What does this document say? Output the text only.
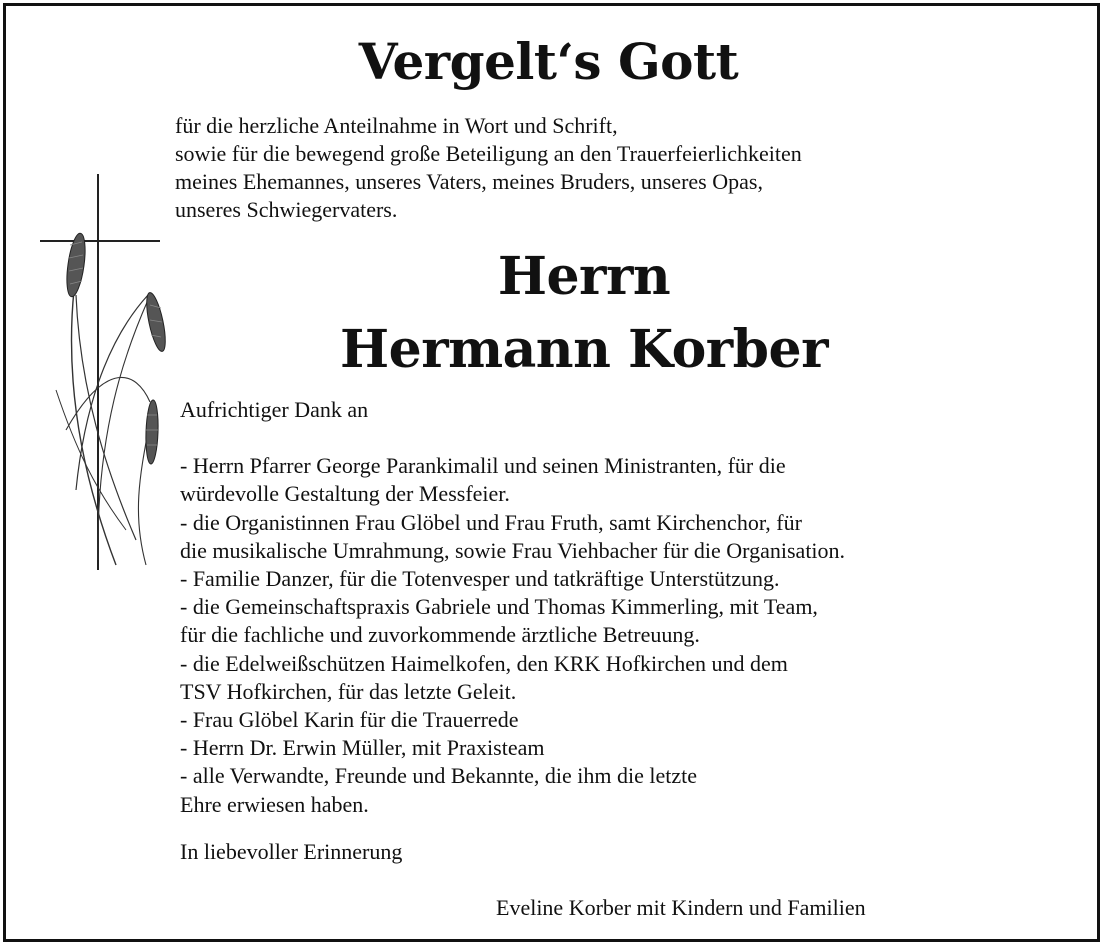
Vergelt‘s Gott
für die herzliche Anteilnahme in Wort und Schrift,
sowie für die bewegend große Beteiligung an den Trauerfeierlichkeiten
meines Ehemannes, unseres Vaters, meines Bruders, unseres Opas,
unseres Schwiegervaters.
Herrn
Hermann Korber
Aufrichtiger Dank an
- Herrn Pfarrer George Parankimalil und seinen Ministranten, für die
würdevolle Gestaltung der Messfeier.
- die Organistinnen Frau Glöbel und Frau Fruth, samt Kirchenchor, für
die musikalische Umrahmung, sowie Frau Viehbacher für die Organisation.
- Familie Danzer, für die Totenvesper und tatkräftige Unterstützung.
- die Gemeinschaftspraxis Gabriele und Thomas Kimmerling, mit Team,
für die fachliche und zuvorkommende ärztliche Betreuung.
- die Edelweißschützen Haimelkofen, den KRK Hofkirchen und dem
TSV Hofkirchen, für das letzte Geleit.
- Frau Glöbel Karin für die Trauerrede
- Herrn Dr. Erwin Müller, mit Praxisteam
- alle Verwandte, Freunde und Bekannte, die ihm die letzte
Ehre erwiesen haben.
In liebevoller Erinnerung
Eveline Korber mit Kindern und Familien
